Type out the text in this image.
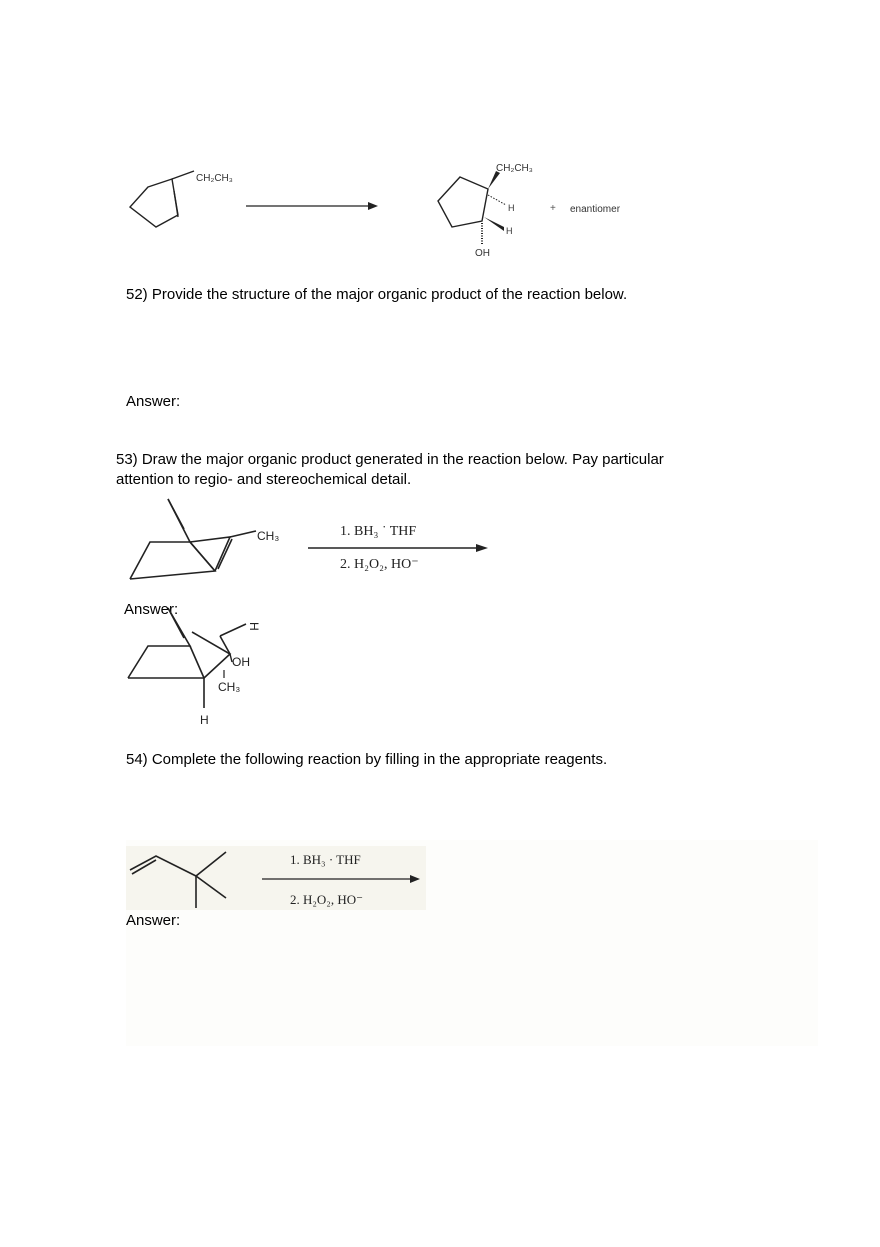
CH₂CH₃
CH₂CH₃
H
H
OH
+ enantiomer
52) Provide the structure of the major organic product of the reaction below.
Answer:
53) Draw the major organic product generated in the reaction below. Pay particular
attention to regio- and stereochemical detail.
CH₃	1. BH₃ ˙ THF
2. H₂O₂, HO⁻
Answer:
H
OH
CH₃
H
54) Complete the following reaction by filling in the appropriate reagents.
1. BH₃ · THF
2. H₂O₂, HO⁻
Answer:
